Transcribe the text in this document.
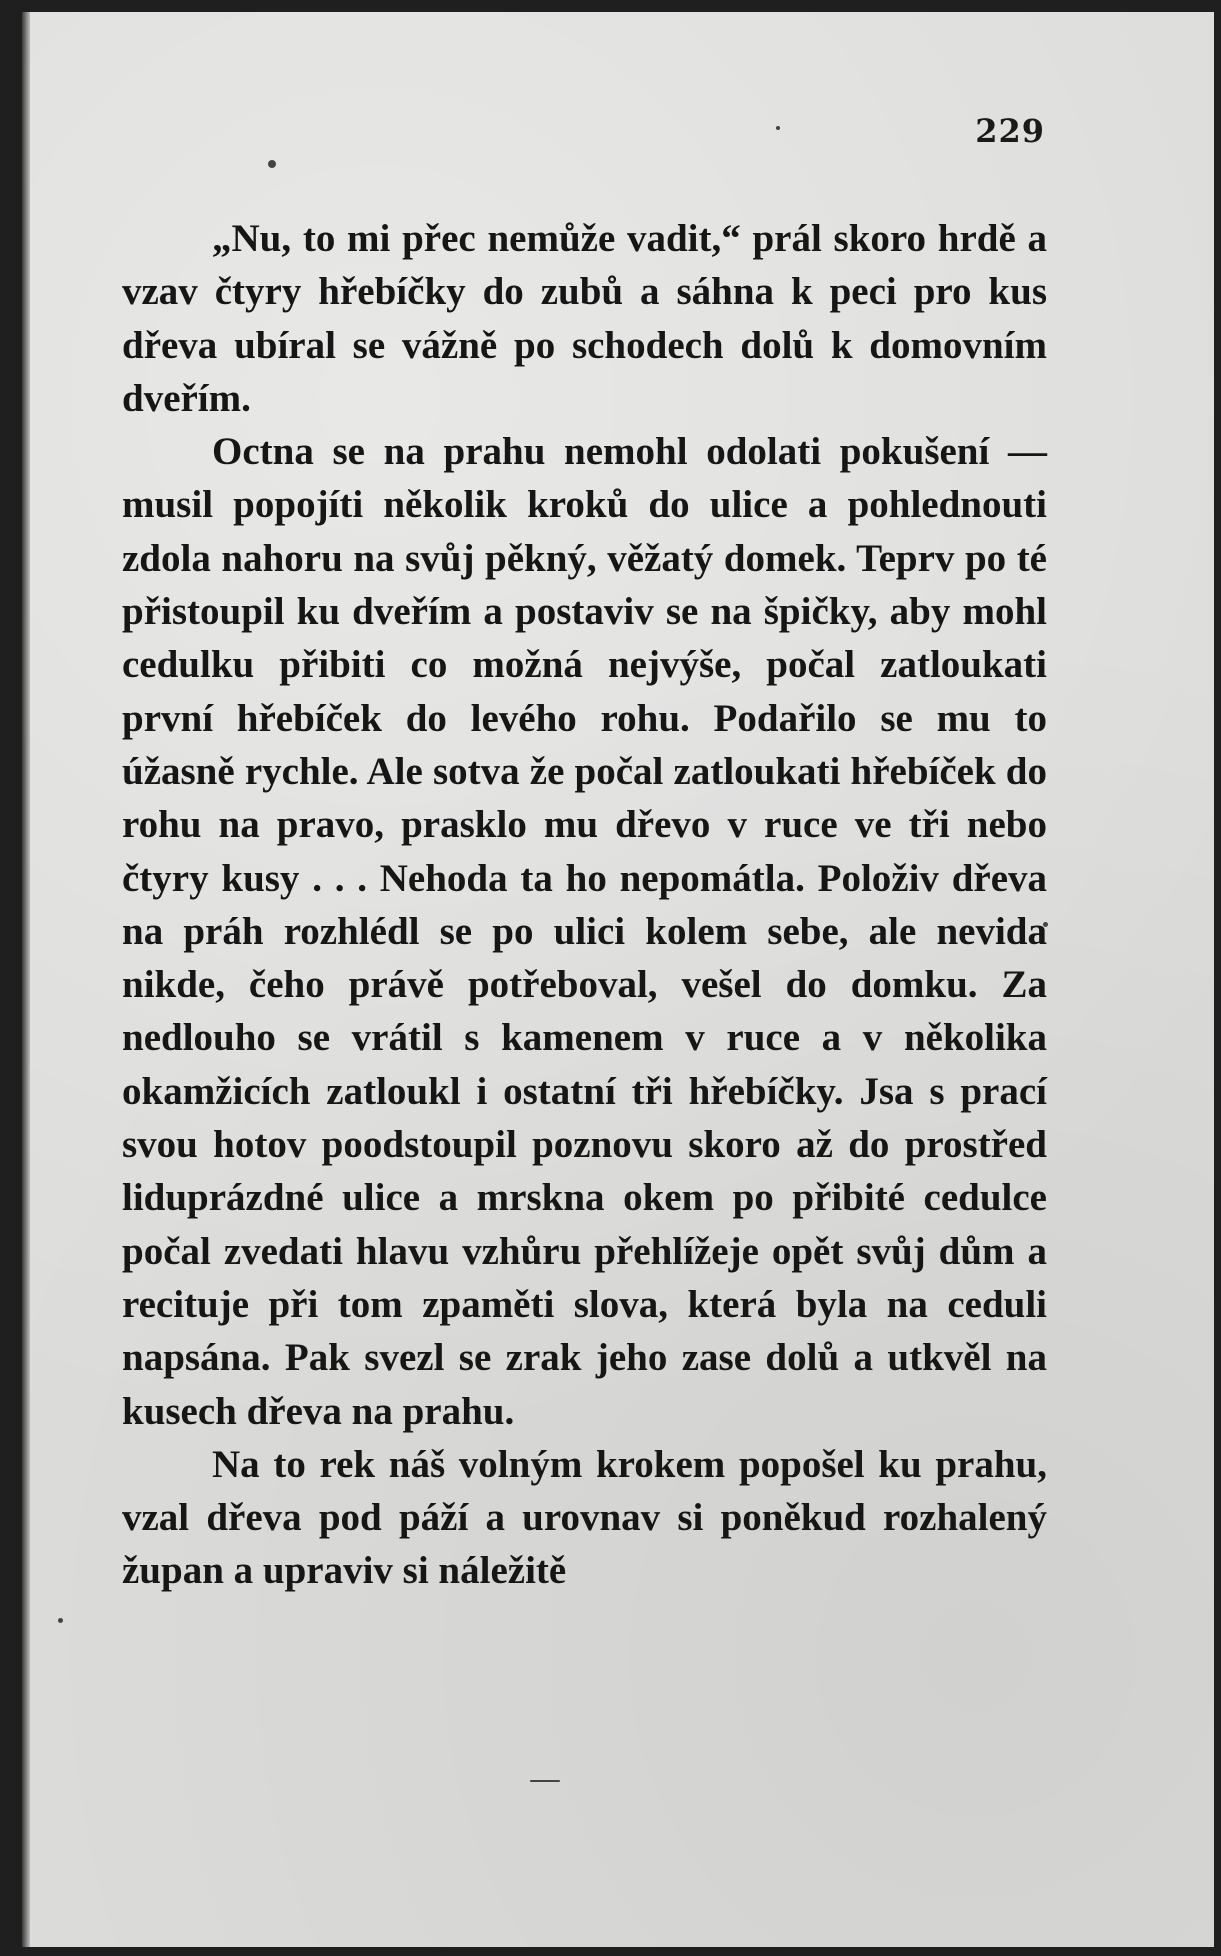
229

„Nu, to mi přec nemůže vadit,“ prál skoro hrdě a vzav čtyry hřebíčky do zubů a sáhna k peci pro kus dřeva ubíral se vážně po schodech dolů k domovním dveřím.

Octna se na prahu nemohl odolati pokušení — musil popojíti několik kroků do ulice a pohlednouti zdola nahoru na svůj pěkný, věžatý domek. Teprv po té přistoupil ku dveřím a postaviv se na špičky, aby mohl cedulku přibiti co možná nejvýše, počal zatloukati první hřebíček do levého rohu. Podařilo se mu to úžasně rychle. Ale sotva že počal zatloukati hřebíček do rohu na pravo, prasklo mu dřevo v ruce ve tři nebo čtyry kusy . . . Nehoda ta ho nepomátla. Položiv dřeva na práh rozhlédl se po ulici kolem sebe, ale nevida nikde, čeho právě potřeboval, vešel do domku. Za nedlouho se vrátil s kamenem v ruce a v několika okamžicích zatloukl i ostatní tři hřebíčky. Jsa s prací svou hotov poodstoupil poznovu skoro až do prostřed liduprázdné ulice a mrskna okem po přibité cedulce počal zvedati hlavu vzhůru přehlížeje opět svůj dům a recituje při tom zpaměti slova, která byla na ceduli napsána. Pak svezl se zrak jeho zase dolů a utkvěl na kusech dřeva na prahu.

Na to rek náš volným krokem popošel ku prahu, vzal dřeva pod páží a urovnav si poněkud rozhalený župan a upraviv si náležitě
